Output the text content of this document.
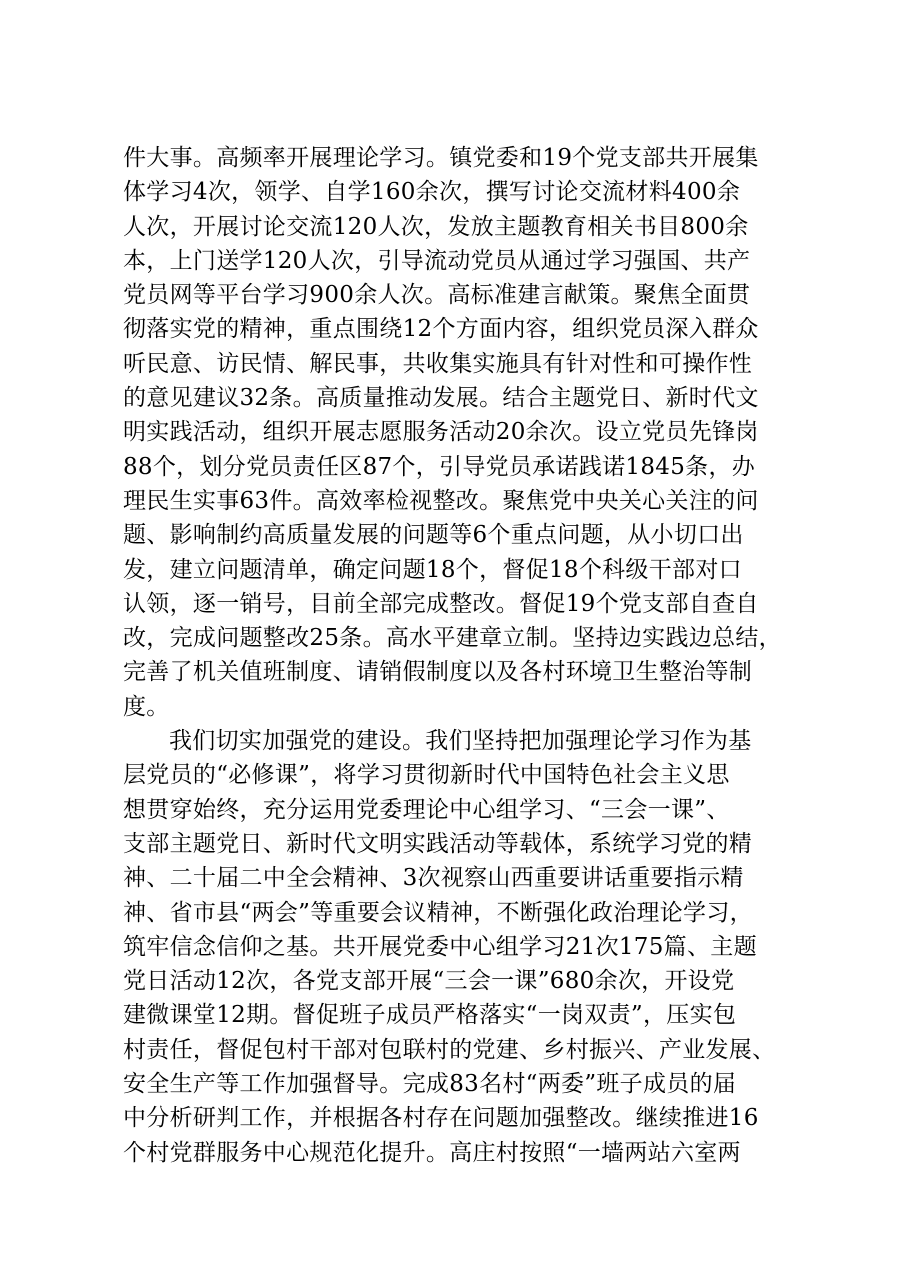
件大事。高频率开展理论学习。镇党委和19个党支部共开展集
体学习4次，领学、自学160余次，撰写讨论交流材料400余
人次，开展讨论交流120人次，发放主题教育相关书目800余
本，上门送学120人次，引导流动党员从通过学习强国、共产
党员网等平台学习900余人次。高标准建言献策。聚焦全面贯
彻落实党的精神，重点围绕12个方面内容，组织党员深入群众
听民意、访民情、解民事，共收集实施具有针对性和可操作性
的意见建议32条。高质量推动发展。结合主题党日、新时代文
明实践活动，组织开展志愿服务活动20余次。设立党员先锋岗
88个，划分党员责任区87个，引导党员承诺践诺1845条，办
理民生实事63件。高效率检视整改。聚焦党中央关心关注的问
题、影响制约高质量发展的问题等6个重点问题，从小切口出
发，建立问题清单，确定问题18个，督促18个科级干部对口
认领，逐一销号，目前全部完成整改。督促19个党支部自查自
改，完成问题整改25条。高水平建章立制。坚持边实践边总结，
完善了机关值班制度、请销假制度以及各村环境卫生整治等制
度。
我们切实加强党的建设。我们坚持把加强理论学习作为基
层党员的“必修课”，将学习贯彻新时代中国特色社会主义思
想贯穿始终，充分运用党委理论中心组学习、“三会一课”、
支部主题党日、新时代文明实践活动等载体，系统学习党的精
神、二十届二中全会精神、3次视察山西重要讲话重要指示精
神、省市县“两会”等重要会议精神，不断强化政治理论学习，
筑牢信念信仰之基。共开展党委中心组学习21次175篇、主题
党日活动12次，各党支部开展“三会一课”680余次，开设党
建微课堂12期。督促班子成员严格落实“一岗双责”，压实包
村责任，督促包村干部对包联村的党建、乡村振兴、产业发展、
安全生产等工作加强督导。完成83名村“两委”班子成员的届
中分析研判工作，并根据各村存在问题加强整改。继续推进16
个村党群服务中心规范化提升。高庄村按照“一墙两站六室两
